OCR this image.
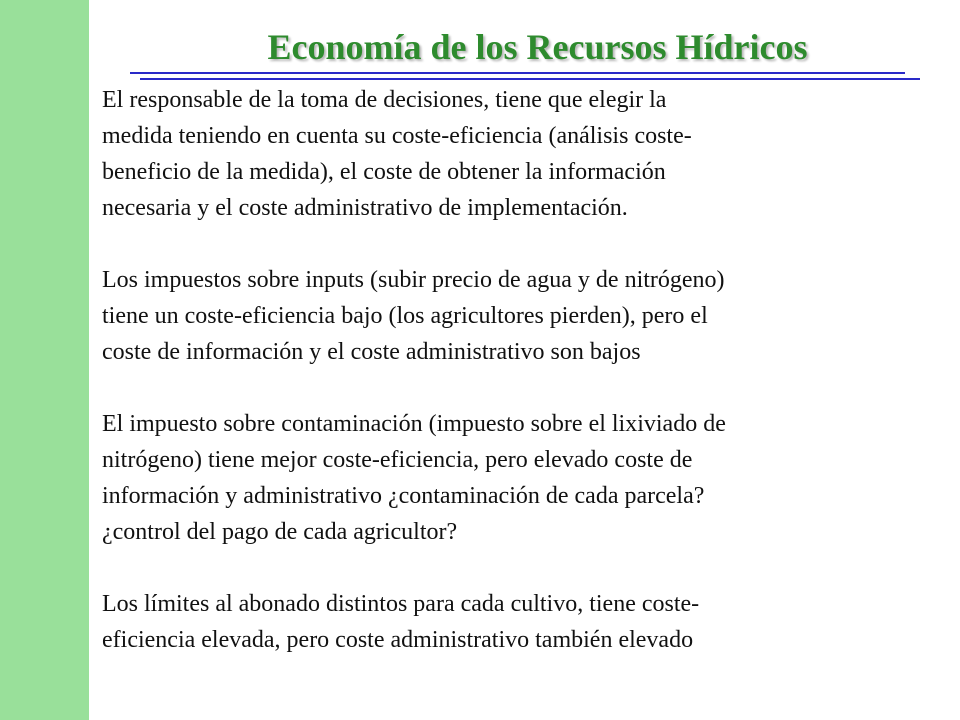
Economía de los Recursos Hídricos

El responsable de la toma de decisiones, tiene que elegir la
medida teniendo en cuenta su coste-eficiencia (análisis coste-
beneficio de la medida), el coste de obtener la información
necesaria y el coste administrativo de implementación.

Los impuestos sobre inputs (subir precio de agua y de nitrógeno)
tiene un coste-eficiencia bajo (los agricultores pierden), pero el
coste de información y el coste administrativo son bajos

El impuesto sobre contaminación (impuesto sobre el lixiviado de
nitrógeno) tiene mejor coste-eficiencia, pero elevado coste de
información y administrativo ¿contaminación de cada parcela?
¿control del pago de cada agricultor?

Los límites al abonado distintos para cada cultivo, tiene coste-
eficiencia elevada, pero coste administrativo también elevado
